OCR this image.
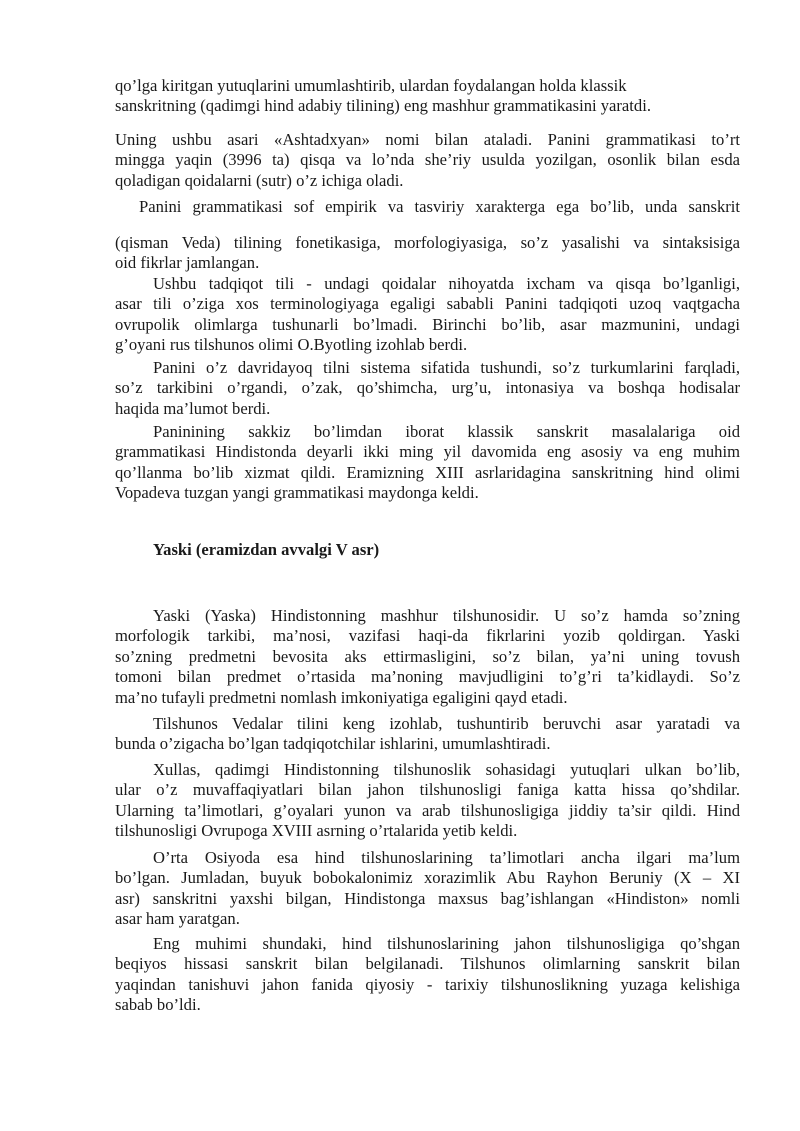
qo’lga kiritgan yutuqlarini umumlashtirib, ulardan foydalangan holda klassik
sanskritning (qadimgi hind adabiy tilining) eng mashhur grammatikasini yaratdi.
Uning ushbu asari «Ashtadxyan» nomi bilan ataladi. Panini grammatikasi to’rt
mingga yaqin (3996 ta) qisqa va lo’nda she’riy usulda yozilgan, osonlik bilan esda
qoladigan qoidalarni (sutr) o’z ichiga oladi.
Panini grammatikasi sof empirik va tasviriy xarakterga ega bo’lib, unda sanskrit
(qisman Veda) tilining fonetikasiga, morfologiyasiga, so’z yasalishi va sintaksisiga
oid fikrlar jamlangan.
Ushbu tadqiqot tili - undagi qoidalar nihoyatda ixcham va qisqa bo’lganligi,
asar tili o’ziga xos terminologiyaga egaligi sababli Panini tadqiqoti uzoq vaqtgacha
ovrupolik olimlarga tushunarli bo’lmadi. Birinchi bo’lib, asar mazmunini, undagi
g’oyani rus tilshunos olimi O.Byotling izohlab berdi.
Panini o’z davridayoq tilni sistema sifatida tushundi, so’z turkumlarini farqladi,
so’z tarkibini o’rgandi, o’zak, qo’shimcha, urg’u, intonasiya va boshqa hodisalar
haqida ma’lumot berdi.
Paninining sakkiz bo’limdan iborat klassik sanskrit masalalariga oid
grammatikasi Hindistonda deyarli ikki ming yil davomida eng asosiy va eng muhim
qo’llanma bo’lib xizmat qildi. Eramizning XIII asrlaridagina sanskritning hind olimi
Vopadeva tuzgan yangi grammatikasi maydonga keldi.
Yaski (eramizdan avvalgi V asr)
Yaski (Yaska) Hindistonning mashhur tilshunosidir. U so’z hamda so’zning
morfologik tarkibi, ma’nosi, vazifasi haqi-da fikrlarini yozib qoldirgan. Yaski
so’zning predmetni bevosita aks ettirmasligini, so’z bilan, ya’ni uning tovush
tomoni bilan predmet o’rtasida ma’noning mavjudligini to’g’ri ta’kidlaydi. So’z
ma’no tufayli predmetni nomlash imkoniyatiga egaligini qayd etadi.
Tilshunos Vedalar tilini keng izohlab, tushuntirib beruvchi asar yaratadi va
bunda o’zigacha bo’lgan tadqiqotchilar ishlarini, umumlashtiradi.
Xullas, qadimgi Hindistonning tilshunoslik sohasidagi yutuqlari ulkan bo’lib,
ular o’z muvaffaqiyatlari bilan jahon tilshunosligi faniga katta hissa qo’shdilar.
Ularning ta’limotlari, g’oyalari yunon va arab tilshunosligiga jiddiy ta’sir qildi. Hind
tilshunosligi Ovrupoga XVIII asrning o’rtalarida yetib keldi.
O’rta Osiyoda esa hind tilshunoslarining ta’limotlari ancha ilgari ma’lum
bo’lgan. Jumladan, buyuk bobokalonimiz xorazimlik Abu Rayhon Beruniy (X – XI
asr) sanskritni yaxshi bilgan, Hindistonga maxsus bag’ishlangan «Hindiston» nomli
asar ham yaratgan.
Eng muhimi shundaki, hind tilshunoslarining jahon tilshunosligiga qo’shgan
beqiyos hissasi sanskrit bilan belgilanadi. Tilshunos olimlarning sanskrit bilan
yaqindan tanishuvi jahon fanida qiyosiy - tarixiy tilshunoslikning yuzaga kelishiga
sabab bo’ldi.
